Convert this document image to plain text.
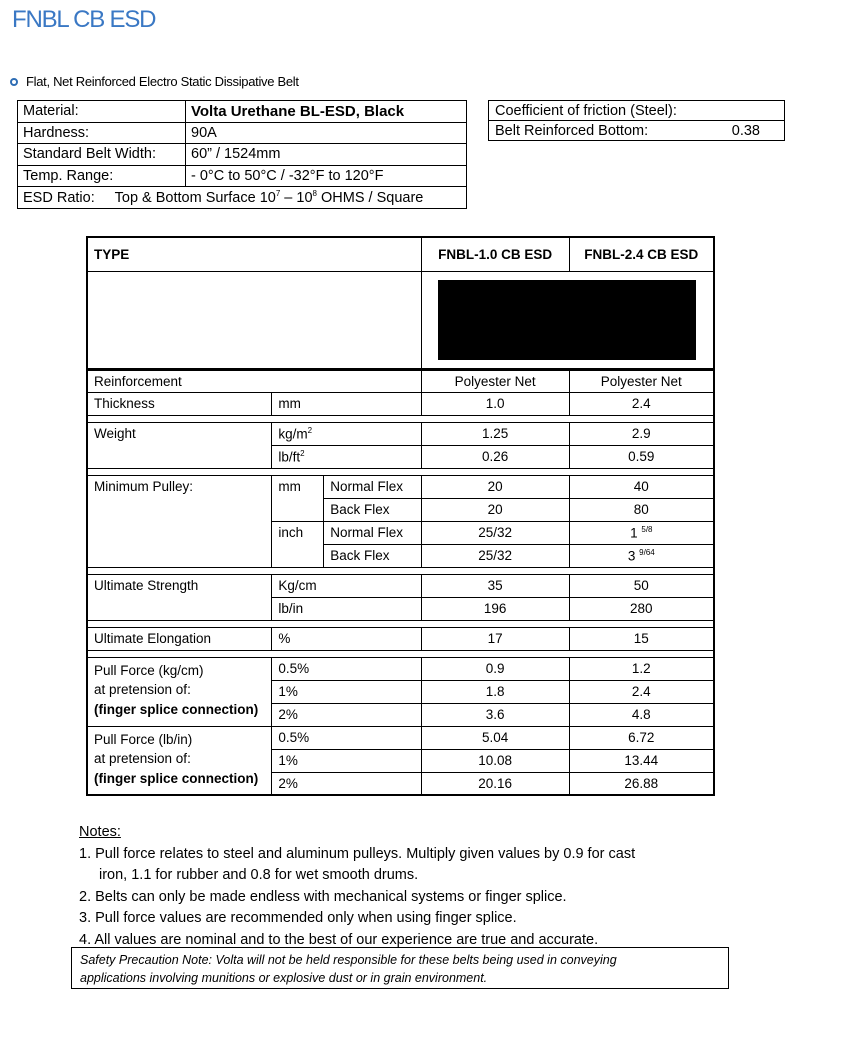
FNBL CB ESD
Flat, Net Reinforced Electro Static Dissipative Belt
Material:	Volta Urethane BL-ESD, Black
Hardness:	90A
Standard Belt Width:	60” / 1524mm
Temp. Range:	- 0°C to 50°C / -32°F to 120°F
ESD Ratio: Top & Bottom Surface $10^7 - 10^8$ OHMS / Square	
Coefficient of friction (Steel):
Belt Reinforced Bottom:	0.38
TYPE			FNBL-1.0 CB ESD	FNBL-2.4 CB ESD

Reinforcement			Polyester Net	Polyester Net
Thickness	mm		1.0	2.4

Weight	$kg/m^2$		1.25	2.9
	$lb/ft^2$		0.26	0.59

Minimum Pulley:	mm	Normal Flex	20	40
		Back Flex	20	80
	inch	Normal Flex	25/32	1 $^{5/8}$
		Back Flex	25/32	3 $^{9/64}$

Ultimate Strength	Kg/cm		35	50
	lb/in		196	280

Ultimate Elongation	%		17	15

Pull Force (kg/cm)
at pretension of:
(finger splice connection)	0.5%		0.9	1.2
	1%		1.8	2.4
	2%		3.6	4.8

Pull Force (lb/in)
at pretension of:
(finger splice connection)	0.5%		5.04	6.72
	1%		10.08	13.44
	2%		20.16	26.88
Notes:
1. Pull force relates to steel and aluminum pulleys. Multiply given values by 0.9 for cast
iron, 1.1 for rubber and 0.8 for wet smooth drums.
2. Belts can only be made endless with mechanical systems or finger splice.
3. Pull force values are recommended only when using finger splice.
4. All values are nominal and to the best of our experience are true and accurate.
Safety Precaution Note: Volta will not be held responsible for these belts being used in conveying
applications involving munitions or explosive dust or in grain environment.
